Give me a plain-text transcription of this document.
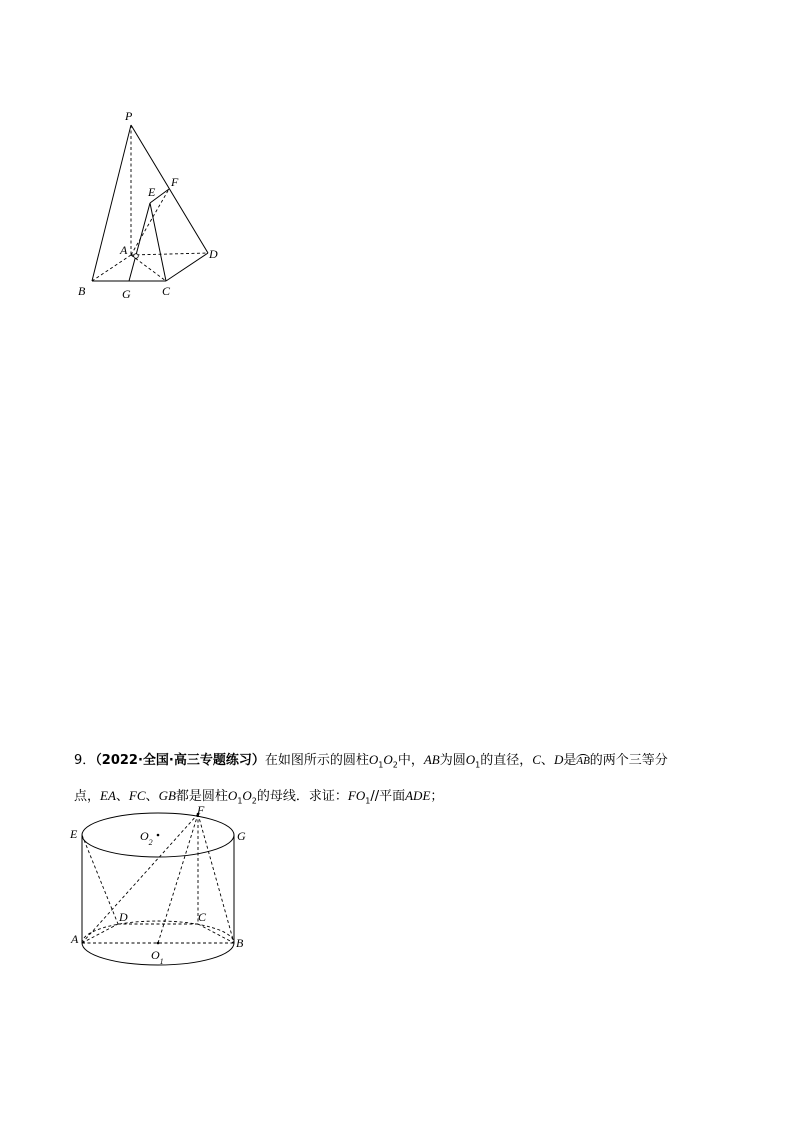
P
E
F
A	D
B	G	C
9．（2022·全国·高三专题练习）在如图所示的圆柱$O_1O_2$中，AB为圆$O_1$的直径，C、D是AB的两个三等分
点，EA、FC、GB都是圆柱$O_1O_2$的母线．求证：$FO_1//$平面ADE；
E
F
G
$O_2$
D	C
A	B
$O_1$
